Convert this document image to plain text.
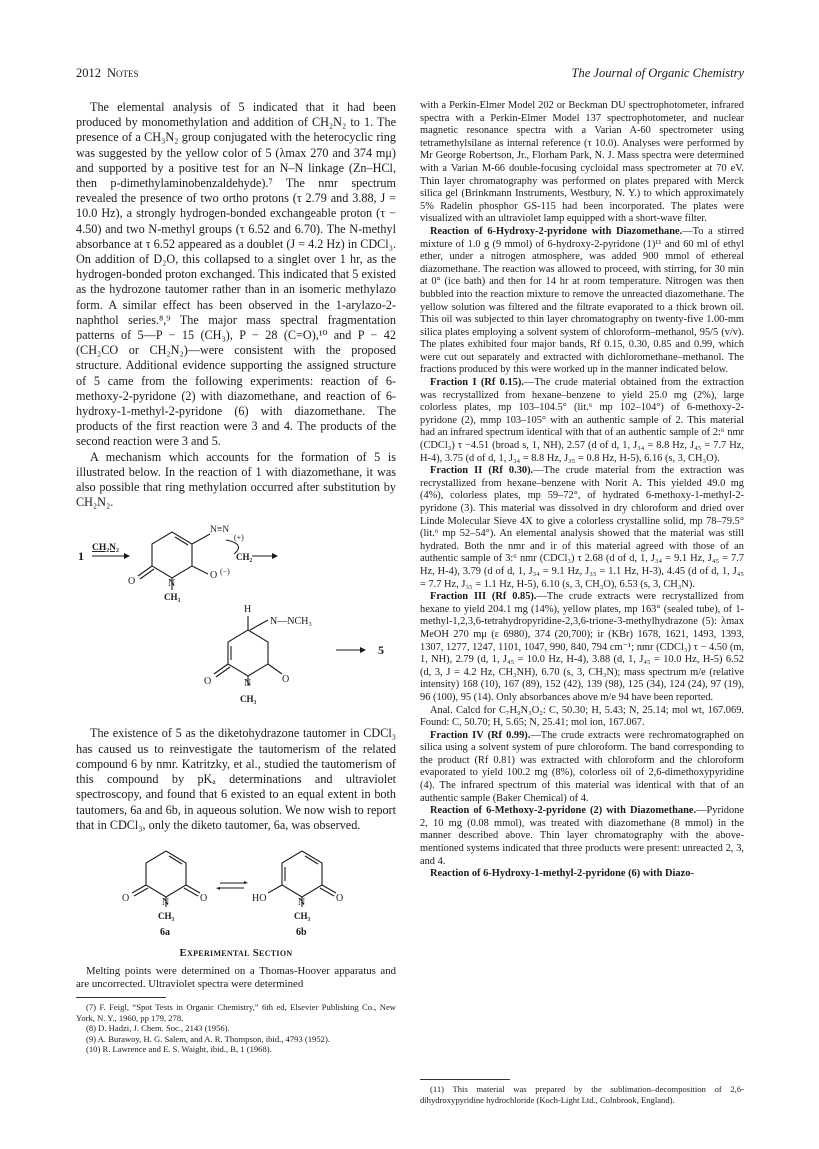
2012 Notes	The Journal of Organic Chemistry

The elemental analysis of 5 indicated that it had been produced by monomethylation and addition of CH₂N₂ to 1. The presence of a CH₃N₂ group conjugated with the heterocyclic ring was suggested by the yellow color of 5 (λmax 270 and 374 mμ) and supported by a positive test for an N–N linkage (Zn–HCl, then p-dimethylaminobenzaldehyde).⁷ The nmr spectrum revealed the presence of two ortho protons (τ 2.79 and 3.88, J = 10.0 Hz), a strongly hydrogen-bonded exchangeable proton (τ − 4.50) and two N-methyl groups (τ 6.52 and 6.70). The N-methyl absorbance at τ 6.52 appeared as a doublet (J = 4.2 Hz) in CDCl₃. On addition of D₂O, this collapsed to a singlet over 1 hr, as the hydrogen-bonded proton exchanged. This indicated that 5 existed as the hydrozone tautomer rather than in an isomeric methylazo form. A similar effect has been observed in the 1-arylazo-2-naphthol series.⁸,⁹ The major mass spectral fragmentation patterns of 5—P − 15 (CH₃), P − 28 (C=O),¹⁰ and P − 42 (CH₂CO or CH₂N₂)—were consistent with the proposed structure. Additional evidence supporting the assigned structure of 5 came from the following experiments: reaction of 6-methoxy-2-pyridone (2) with diazomethane, and reaction of 6-hydroxy-1-methyl-2-pyridone (6) with diazomethane. The products of the first reaction were 3 and 4. The products of the second reaction were 3 and 5.

A mechanism which accounts for the formation of 5 is illustrated below. In the reaction of 1 with diazomethane, it was also possible that ring methylation occurred after substitution by CH₂N₂.

1
CH₂N₂
O	N
CH₃
O (−)
N≡N
(+)
CH₂
H
N—NCH₃
O
O	N
CH₃
5

The existence of 5 as the diketohydrazone tautomer in CDCl₃ has caused us to reinvestigate the tautomerism of the related compound 6 by nmr. Katritzky, et al., studied the tautomerism of this compound by pKₐ determinations and ultraviolet spectroscopy, and found that 6 existed to an equal extent in both tautomers, 6a and 6b, in aqueous solution. We now wish to report that in CDCl₃, only the diketo tautomer, 6a, was observed.

O	O
N
CH₃
6a
HO	O
N
CH₃
6b
Experimental Section

Melting points were determined on a Thomas-Hoover apparatus and are uncorrected. Ultraviolet spectra were determined

(7) F. Feigl, “Spot Tests in Organic Chemistry,” 6th ed, Elsevier Publishing Co., New York, N. Y., 1960, pp 179, 278.

(8) D. Hadzi, J. Chem. Soc., 2143 (1956).

(9) A. Burawoy, H. G. Salem, and A. R. Thompson, ibid., 4793 (1952).

(10) R. Lawrence and E. S. Waight, ibid., B, 1 (1968).

with a Perkin-Elmer Model 202 or Beckman DU spectrophotometer, infrared spectra with a Perkin-Elmer Model 137 spectrophotometer, and nuclear magnetic resonance spectra with a Varian A-60 spectrometer using tetramethylsilane as internal reference (τ 10.0). Analyses were performed by Mr George Robertson, Jr., Florham Park, N. J. Mass spectra were determined with a Varian M-66 double-focusing cycloidal mass spectrometer at 70 eV. Thin layer chromatography was performed on plates prepared with Merck silica gel (Brinkmann Instruments, Westbury, N. Y.) to which approximately 5% Radelin phosphor GS-115 had been incorporated. The plates were visualized with an ultraviolet lamp equipped with a short-wave filter.

Reaction of 6-Hydroxy-2-pyridone with Diazomethane.—To a stirred mixture of 1.0 g (9 mmol) of 6-hydroxy-2-pyridone (1)¹¹ and 60 ml of ethyl ether, under a nitrogen atmosphere, was added 900 mmol of ethereal diazomethane. The reaction was allowed to proceed, with stirring, for 30 min at 0° (ice bath) and then for 14 hr at room temperature. Nitrogen was then bubbled into the reaction mixture to remove the unreacted diazomethane. The yellow solution was filtered and the filtrate evaporated to a thick brown oil. This oil was subjected to thin layer chromatography on twenty-five 1.00-mm silica plates employing a solvent system of chloroform–methanol, 95/5 (v/v). The plates exhibited four major bands, Rf 0.15, 0.30, 0.85 and 0.99, which were cut out separately and extracted with dichloromethane–methanol. The fractions produced by this were worked up in the manner indicated below.

Fraction I (Rf 0.15).—The crude material obtained from the extraction was recrystallized from hexane–benzene to yield 25.0 mg (2%), large colorless plates, mp 103–104.5° (lit.⁶ mp 102–104°) of 6-methoxy-2-pyridone (2), mmp 103–105° with an authentic sample of 2. This material had an infrared spectrum identical with that of an authentic sample of 2:⁶ nmr (CDCl₃) τ −4.51 (broad s, 1, NH), 2.57 (d of d, 1, J₃₄ = 8.8 Hz, J₄₅ = 7.7 Hz, H-4), 3.75 (d of d, 1, J₃₄ = 8.8 Hz, J₃₅ = 0.8 Hz, H-5), 6.16 (s, 3, CH₃O).

Fraction II (Rf 0.30).—The crude material from the extraction was recrystallized from hexane–benzene with Norit A. This yielded 49.0 mg (4%), colorless plates, mp 59–72°, of hydrated 6-methoxy-1-methyl-2-pyridone (3). This material was dissolved in dry chloroform and dried over Linde Molecular Sieve 4X to give a colorless crystalline solid, mp 78–79.5° (lit.⁶ mp 52–54°). An elemental analysis showed that the material was still hydrated. Both the nmr and ir of this material agreed with those of an authentic sample of 3:⁶ nmr (CDCl₃) τ 2.68 (d of d, 1, J₃₄ = 9.1 Hz, J₄₅ = 7.7 Hz, H-4), 3.79 (d of d, 1, J₃₄ = 9.1 Hz, J₃₅ = 1.1 Hz, H-3), 4.45 (d of d, 1, J₄₅ = 7.7 Hz, J₃₅ = 1.1 Hz, H-5), 6.10 (s, 3, CH₃O), 6.53 (s, 3, CH₃N).

Fraction III (Rf 0.85).—The crude extracts were recrystallized from hexane to yield 204.1 mg (14%), yellow plates, mp 163° (sealed tube), of 1-methyl-1,2,3,6-tetrahydropyridine-2,3,6-trione-3-methylhydrazone (5): λmax MeOH 270 mμ (ε 6980), 374 (20,700); ir (KBr) 1678, 1621, 1493, 1393, 1307, 1277, 1247, 1101, 1047, 990, 840, 794 cm⁻¹; nmr (CDCl₃) τ − 4.50 (m, 1, NH), 2.79 (d, 1, J₄₅ = 10.0 Hz, H-4), 3.88 (d, 1, J₄₅ = 10.0 Hz, H-5) 6.52 (d, 3, J = 4.2 Hz, CH₃NH), 6.70 (s, 3, CH₃N); mass spectrum m/e (relative intensity) 168 (10), 167 (89), 152 (42), 139 (98), 125 (34), 124 (24), 97 (19), 96 (100), 95 (14). Only absorbances above m/e 94 have been reported.

Anal. Calcd for C₇H₉N₃O₂: C, 50.30; H, 5.43; N, 25.14; mol wt, 167.069. Found: C, 50.70; H, 5.65; N, 25.41; mol ion, 167.067.

Fraction IV (Rf 0.99).—The crude extracts were rechromatographed on silica using a solvent system of pure chloroform. The band corresponding to the product (Rf 0.81) was extracted with chloroform and the chloroform evaporated to yield 100.2 mg (8%), colorless oil of 2,6-dimethoxypyridine (4). The infrared spectrum of this material was identical with that of an authentic sample (Baker Chemical) of 4.

Reaction of 6-Methoxy-2-pyridone (2) with Diazomethane.—Pyridone 2, 10 mg (0.08 mmol), was treated with diazomethane (8 mmol) in the manner described above. Thin layer chromatography with the above-mentioned systems indicated that three products were present: unreacted 2, 3, and 4.

Reaction of 6-Hydroxy-1-methyl-2-pyridone (6) with Diazo-

(11) This material was prepared by the sublimation–decomposition of 2,6-dihydroxypyridine hydrochloride (Koch-Light Ltd., Colnbrook, England).
